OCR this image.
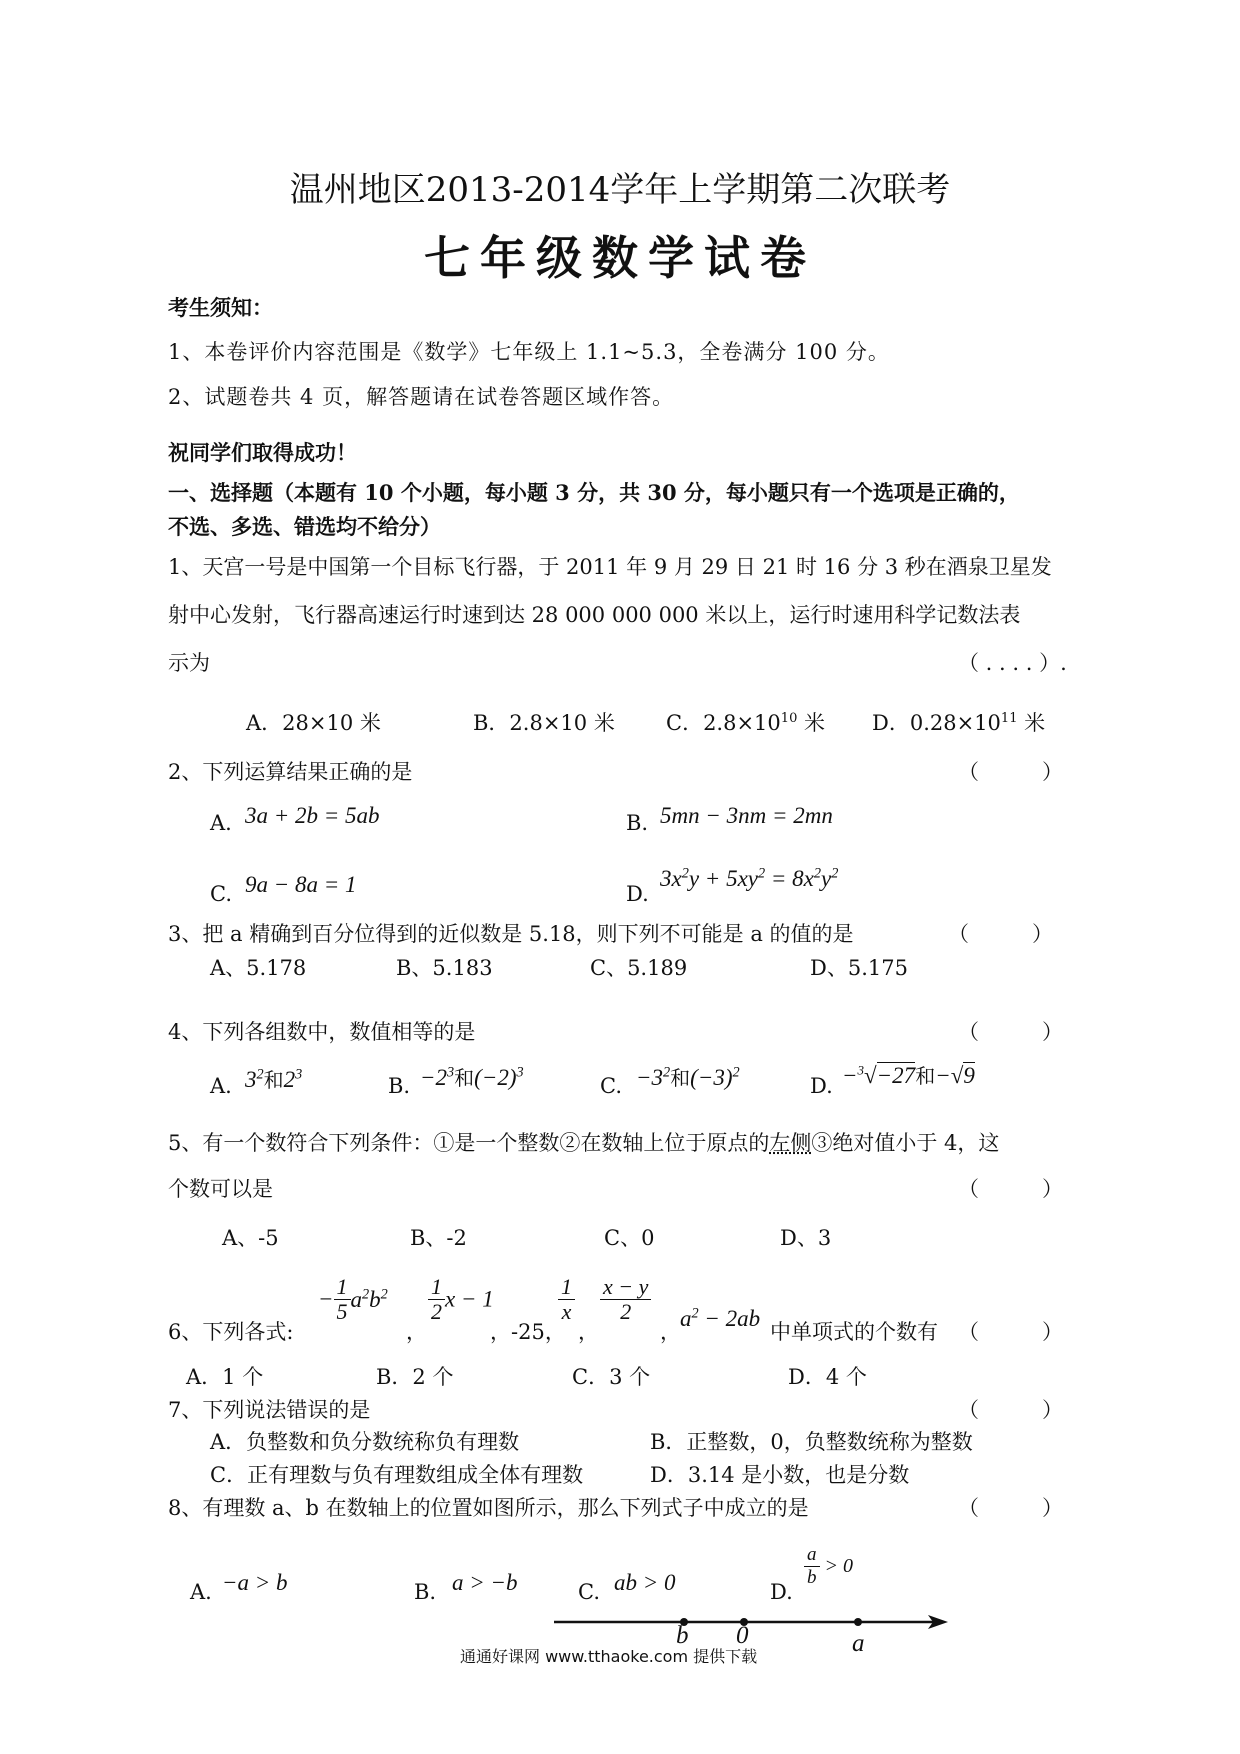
温州地区2013-2014学年上学期第二次联考
七年级数学试卷
考生须知：
1、本卷评价内容范围是《数学》七年级上 1.1~5.3，全卷满分 100 分。
2、试题卷共 4 页，解答题请在试卷答题区域作答。
祝同学们取得成功！
一、选择题（本题有 10 个小题，每小题 3 分，共 30 分，每小题只有一个选项是正确的，
不选、多选、错选均不给分）
1、天宫一号是中国第一个目标飞行器，于 2011 年 9 月 29 日 21 时 16 分 3 秒在酒泉卫星发
射中心发射，飞行器高速运行时速到达 28 000 000 000 米以上，运行时速用科学记数法表
示为	（ . . . . ）.
A．28×10 米	B．2.8×10 米 C．$2.8\times 10^{10}$ 米 D．$0.28\times 10^{11}$ 米
2、下列运算结果正确的是	（　　　）
A. 3a + 2b = 5ab	B. 5mn − 3nm = 2mn
C. 9a − 8a = 1	D.
$3x^2y + 5xy^2 = 8x^2y^2$
3、把 a 精确到百分位得到的近似数是 5.18，则下列不可能是 a 的值的是	（　　　）
A、5.178	B、5.183	C、5.189	D、5.175
4、下列各组数中，数值相等的是	（　　　）
A. $3^2$和$2^3$	B. $-2^3$和$(-2)^3$
C. $-3^2$和$(-3)^2$
D. −$^3$√−27和−√9
5、有一个数符合下列条件：①是一个整数②在数轴上位于原点的左侧③绝对值小于 4，这
个数可以是	（　　　）
A、-5	B、-2	C、0	D、3
6、下列各式:
− $\frac{1}{5} a^2b^2$
，
$\frac{1}{2}$ x − 1
，-25，
$\frac{1}{x}$
，
$\frac{x - y}{2}$
，
$a^2 - 2ab$
中单项式的个数有 （　　　）
A．1 个	B．2 个	C．3 个	D．4 个
7、下列说法错误的是	（　　　）
A．负整数和负分数统称负有理数	B．正整数，0，负整数统称为整数
C．正有理数与负有理数组成全体有理数	D．3.14 是小数，也是分数
8、有理数 a、b 在数轴上的位置如图所示，那么下列式子中成立的是	（　　　）
A. −a > b	B. a > −b	C. ab > 0	D.
$\frac{a}{b} > 0$
b 0	a
通通好课网 www.tthaoke.com 提供下载
